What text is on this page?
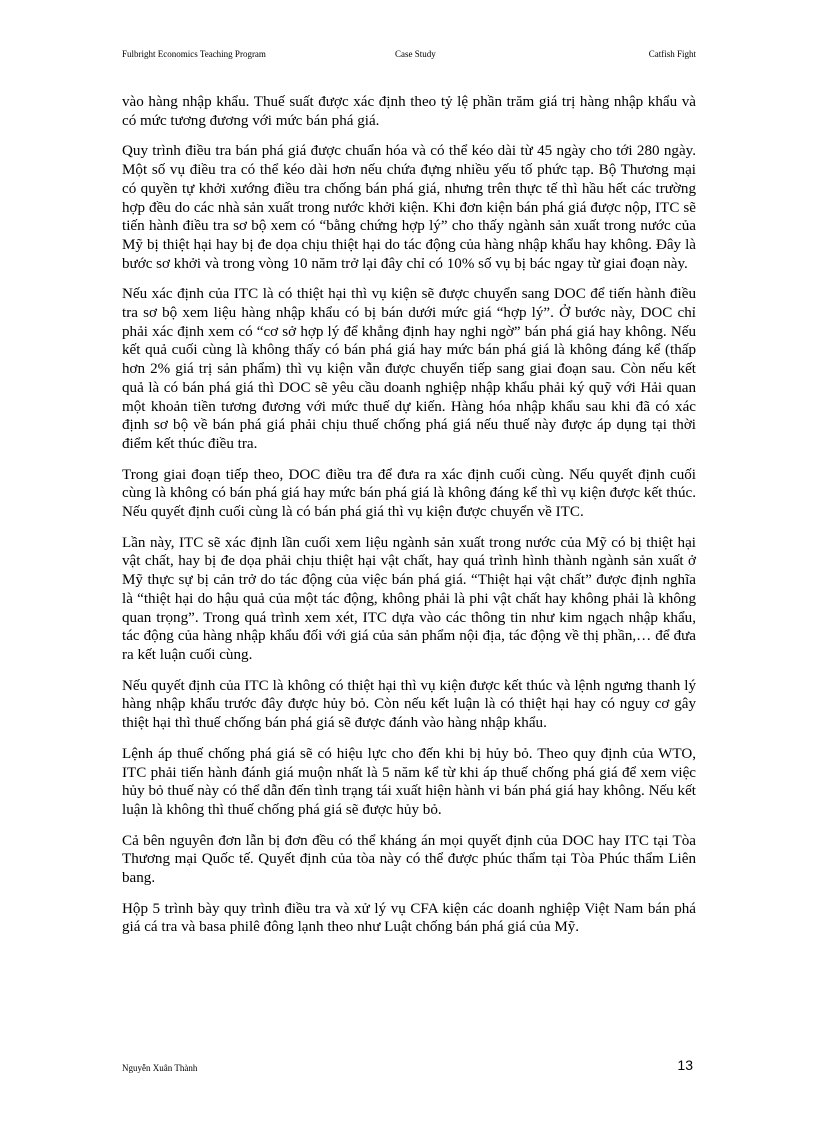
Fulbright Economics Teaching Program	Case Study	Catfish Fight

vào hàng nhập khẩu. Thuế suất được xác định theo tỷ lệ phần trăm giá trị hàng nhập khẩu và có mức tương đương với mức bán phá giá.

Quy trình điều tra bán phá giá được chuẩn hóa và có thể kéo dài từ 45 ngày cho tới 280 ngày. Một số vụ điều tra có thể kéo dài hơn nếu chứa đựng nhiều yếu tố phức tạp. Bộ Thương mại có quyền tự khởi xướng điều tra chống bán phá giá, nhưng trên thực tế thì hầu hết các trường hợp đều do các nhà sản xuất trong nước khởi kiện. Khi đơn kiện bán phá giá được nộp, ITC sẽ tiến hành điều tra sơ bộ xem có “bằng chứng hợp lý” cho thấy ngành sản xuất trong nước của Mỹ bị thiệt hại hay bị đe dọa chịu thiệt hại do tác động của hàng nhập khẩu hay không. Đây là bước sơ khởi và trong vòng 10 năm trở lại đây chỉ có 10% số vụ bị bác ngay từ giai đoạn này.

Nếu xác định của ITC là có thiệt hại thì vụ kiện sẽ được chuyển sang DOC để tiến hành điều tra sơ bộ xem liệu hàng nhập khẩu có bị bán dưới mức giá “hợp lý”. Ở bước này, DOC chỉ phải xác định xem có “cơ sở hợp lý để khẳng định hay nghi ngờ” bán phá giá hay không. Nếu kết quả cuối cùng là không thấy có bán phá giá hay mức bán phá giá là không đáng kể (thấp hơn 2% giá trị sản phẩm) thì vụ kiện vẫn được chuyển tiếp sang giai đoạn sau. Còn nếu kết quả là có bán phá giá thì DOC sẽ yêu cầu doanh nghiệp nhập khẩu phải ký quỹ với Hải quan một khoản tiền tương đương với mức thuế dự kiến. Hàng hóa nhập khẩu sau khi đã có xác định sơ bộ về bán phá giá phải chịu thuế chống phá giá nếu thuế này được áp dụng tại thời điểm kết thúc điều tra.

Trong giai đoạn tiếp theo, DOC điều tra để đưa ra xác định cuối cùng. Nếu quyết định cuối cùng là không có bán phá giá hay mức bán phá giá là không đáng kể thì vụ kiện được kết thúc. Nếu quyết định cuối cùng là có bán phá giá thì vụ kiện được chuyển về ITC.

Lần này, ITC sẽ xác định lần cuối xem liệu ngành sản xuất trong nước của Mỹ có bị thiệt hại vật chất, hay bị đe dọa phải chịu thiệt hại vật chất, hay quá trình hình thành ngành sản xuất ở Mỹ thực sự bị cản trở do tác động của việc bán phá giá. “Thiệt hại vật chất” được định nghĩa là “thiệt hại do hậu quả của một tác động, không phải là phi vật chất hay không phải là không quan trọng”. Trong quá trình xem xét, ITC dựa vào các thông tin như kim ngạch nhập khẩu, tác động của hàng nhập khẩu đối với giá của sản phẩm nội địa, tác động về thị phần,… để đưa ra kết luận cuối cùng.

Nếu quyết định của ITC là không có thiệt hại thì vụ kiện được kết thúc và lệnh ngưng thanh lý hàng nhập khẩu trước đây được hủy bỏ. Còn nếu kết luận là có thiệt hại hay có nguy cơ gây thiệt hại thì thuế chống bán phá giá sẽ được đánh vào hàng nhập khẩu.

Lệnh áp thuế chống phá giá sẽ có hiệu lực cho đến khi bị hủy bỏ. Theo quy định của WTO, ITC phải tiến hành đánh giá muộn nhất là 5 năm kể từ khi áp thuế chống phá giá để xem việc hủy bỏ thuế này có thể dẫn đến tình trạng tái xuất hiện hành vi bán phá giá hay không. Nếu kết luận là không thì thuế chống phá giá sẽ được hủy bỏ.

Cả bên nguyên đơn lẫn bị đơn đều có thể kháng án mọi quyết định của DOC hay ITC tại Tòa Thương mại Quốc tế. Quyết định của tòa này có thể được phúc thẩm tại Tòa Phúc thẩm Liên bang.

Hộp 5 trình bày quy trình điều tra và xử lý vụ CFA kiện các doanh nghiệp Việt Nam bán phá giá cá tra và basa philê đông lạnh theo như Luật chống bán phá giá của Mỹ.

Nguyễn Xuân Thành	13
